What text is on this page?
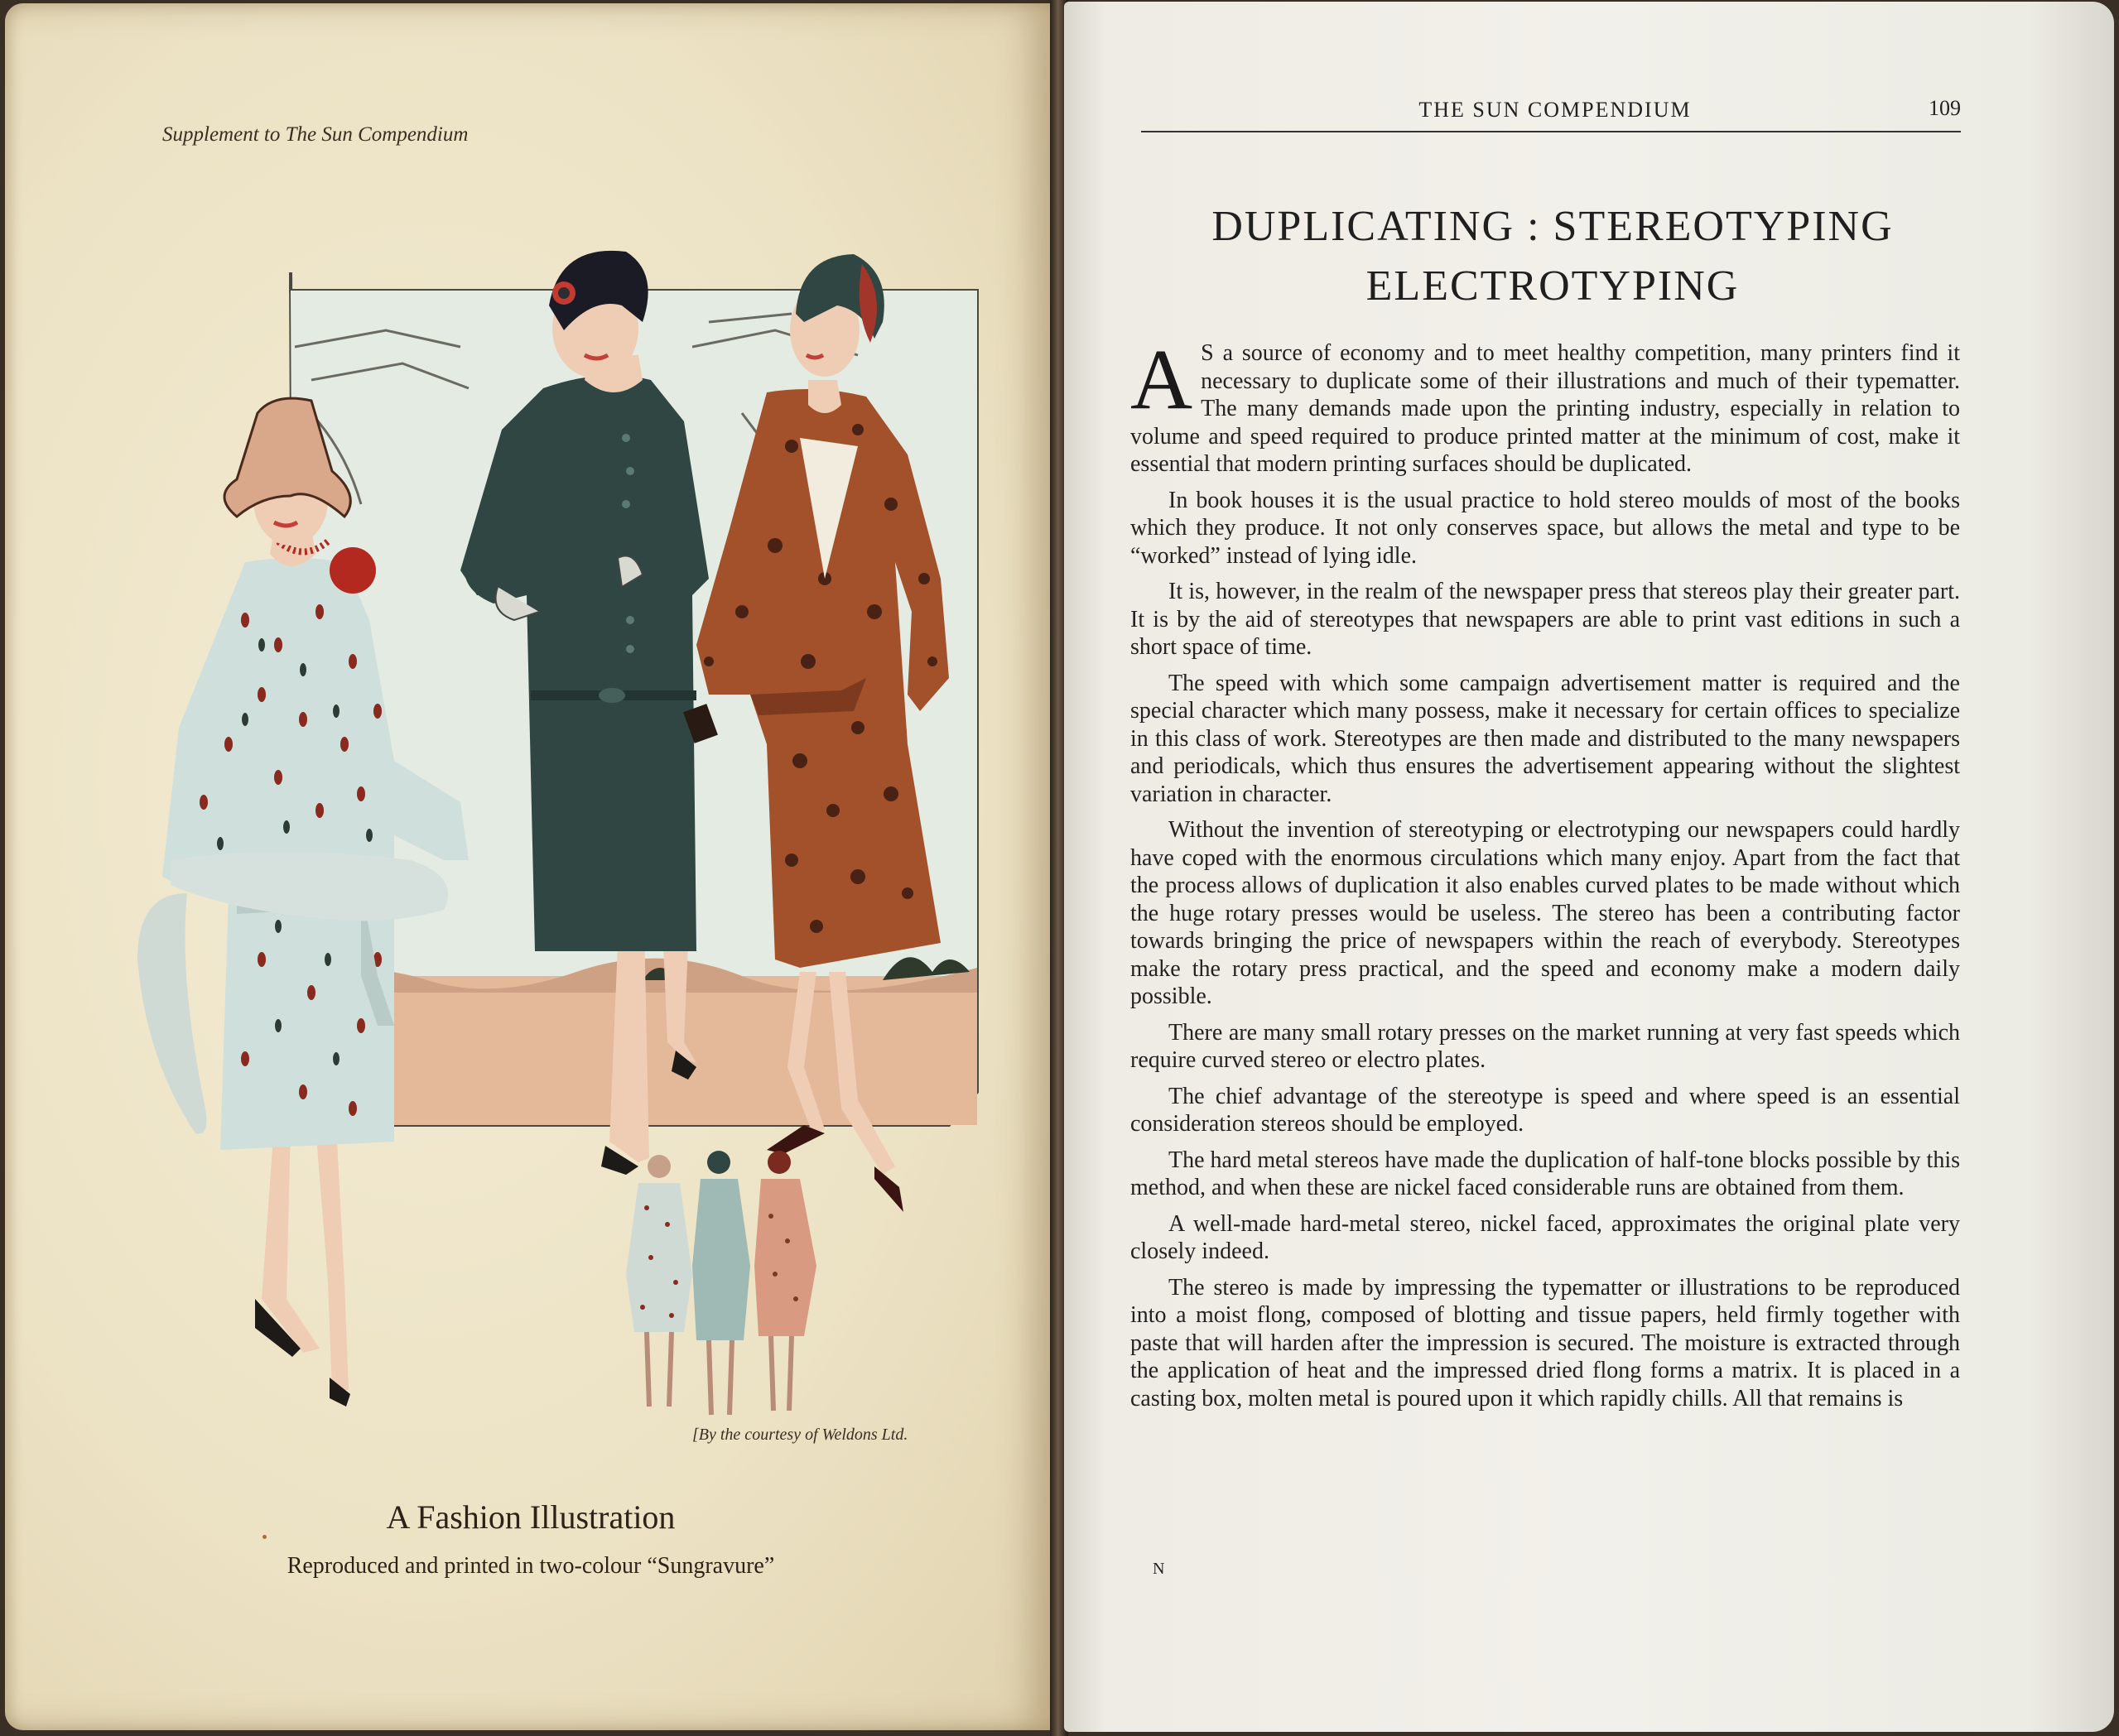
Supplement to The Sun Compendium
[By the courtesy of Weldons Ltd.
A Fashion Illustration
Reproduced and printed in two-colour “Sungravure”
THE SUN COMPENDIUM	109
DUPLICATING : STEREOTYPING
ELECTROTYPING

A S a source of economy and to meet healthy competition, many printers find it necessary to duplicate some of their illustrations and much of their typematter. The many demands made upon the printing industry, especially in relation to volume and speed required to produce printed matter at the minimum of cost, make it essential that modern printing surfaces should be duplicated.

In book houses it is the usual practice to hold stereo moulds of most of the books which they produce. It not only conserves space, but allows the metal and type to be “worked” instead of lying idle.

It is, however, in the realm of the newspaper press that stereos play their greater part. It is by the aid of stereotypes that newspapers are able to print vast editions in such a short space of time.

The speed with which some campaign advertisement matter is required and the special character which many possess, make it necessary for certain offices to specialize in this class of work. Stereotypes are then made and distributed to the many newspapers and periodicals, which thus ensures the advertisement appearing without the slightest variation in character.

Without the invention of stereotyping or electrotyping our newspapers could hardly have coped with the enormous circulations which many enjoy. Apart from the fact that the process allows of duplication it also enables curved plates to be made without which the huge rotary presses would be useless. The stereo has been a contributing factor towards bringing the price of newspapers within the reach of everybody. Stereotypes make the rotary press practical, and the speed and economy make a modern daily possible.

There are many small rotary presses on the market running at very fast speeds which require curved stereo or electro plates.

The chief advantage of the stereotype is speed and where speed is an essential consideration stereos should be employed.

The hard metal stereos have made the duplication of half-tone blocks possible by this method, and when these are nickel faced considerable runs are obtained from them.

A well-made hard-metal stereo, nickel faced, approximates the original plate very closely indeed.

The stereo is made by impressing the typematter or illustrations to be reproduced into a moist flong, composed of blotting and tissue papers, held firmly together with paste that will harden after the impression is secured. The moisture is extracted through the application of heat and the impressed dried flong forms a matrix. It is placed in a casting box, molten metal is poured upon it which rapidly chills. All that remains is

N
